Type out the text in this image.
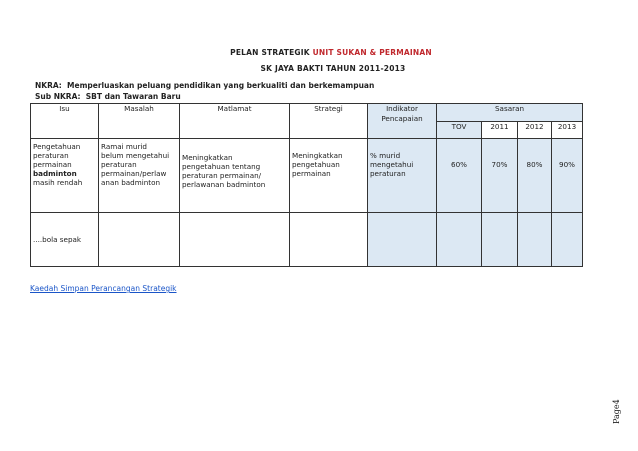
PELAN STRATEGIK UNIT SUKAN & PERMAINAN
SK JAYA BAKTI TAHUN 2011-2013
NKRA:  Memperluaskan peluang pendidikan yang berkualiti dan berkemampuan
Sub NKRA:  SBT dan Tawaran Baru
Isu	Masalah	Matlamat	Strategi	Indikator
Pencapaian	Sasaran			
					TOV	2011	2012	2013

Pengetahuan
peraturan
permainan
badminton
masih rendah	Ramai murid
belum mengetahui
peraturan
permainan/perlaw
anan badminton	Meningkatkan
pengetahuan tentang
peraturan permainan/
perlawanan badminton	Meningkatkan
pengetahuan
permainan	% murid
mengetahui
peraturan	60%	70%	80%	90%

....bola sepak								

Kaedah Simpan Perancangan Strategik
Page4
